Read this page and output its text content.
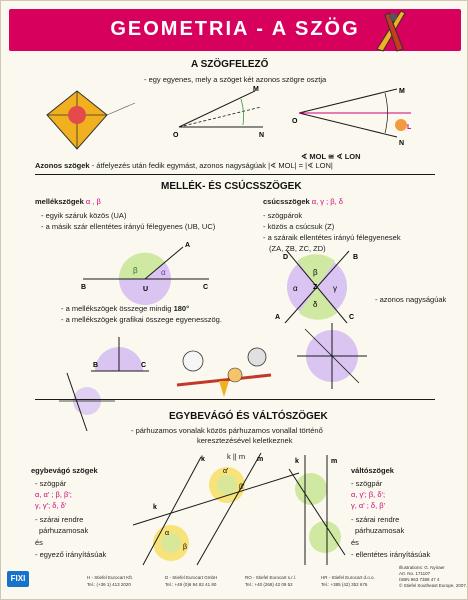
GEOMETRIA - A SZÖG
A SZÖGFELEZŐ
- egy egyenes, mely a szöget két azonos szögre osztja
O
M
N
O
M
L
N
∢ MOL ≅ ∢ LON
Azonos szögek - átfelyezés után fedik egymást, azonos nagyságúak |∢ MOL| = |∢ LON|
MELLÉK- ÉS CSÚCSSZÖGEK
mellékszögek α , β
- egyik száruk közös (UA)
- a másik szár ellentétes irányú félegyenes (UB, UC)
U
A
B	C
β	α
- a mellékszögek összege mindig 180°
- a mellékszögek grafikai összege egyenesszög.
csúcsszögek α, γ ; β, δ
- szögpárok
- közös a csúcsuk (Z)
- a száraik ellentétes irányú félegyenesek
(ZA, ZB, ZC, ZD)
Z
B
A	C
D
β
α	γ
δ
- azonos nagyságúak
B	C
EGYBEVÁGÓ ÉS VÁLTÓSZÖGEK
- párhuzamos vonalak közös párhuzamos vonallal történő
keresztezésével keletkeznek
k || m
egybevágó szögek
- szögpár
α, α' ; β, β';
γ, γ'; δ, δ'
- szárai rendre
párhuzamosak
és
- egyező irányításúak
k
k
m
α'
β'
α
β
váltószögek
- szögpár
α, γ'; β, δ';
γ, α' ; δ, β'
- szárai rendre
párhuzamosak
és
- ellentétes irányításúak
k	m
FIXI	H - Stiefel Eurocart Kft.
Tel.: (+36 1) 413 2020
D - Stiefel Eurocart GmbH
Tel.: +49 (0)6 94 82 41 80
RO - Stiefel Eurocart s.r.l.
Tel.: +40 (268) 42 09 52
HR - Stiefel Eurocart d.o.o.
Tel.: +385 (42) 352 676
Illustrations: G. Nyiraer
Art. No. 171107
ISBN 963 7388 47 4
© Stiefel Southeast Europe, 2007.
